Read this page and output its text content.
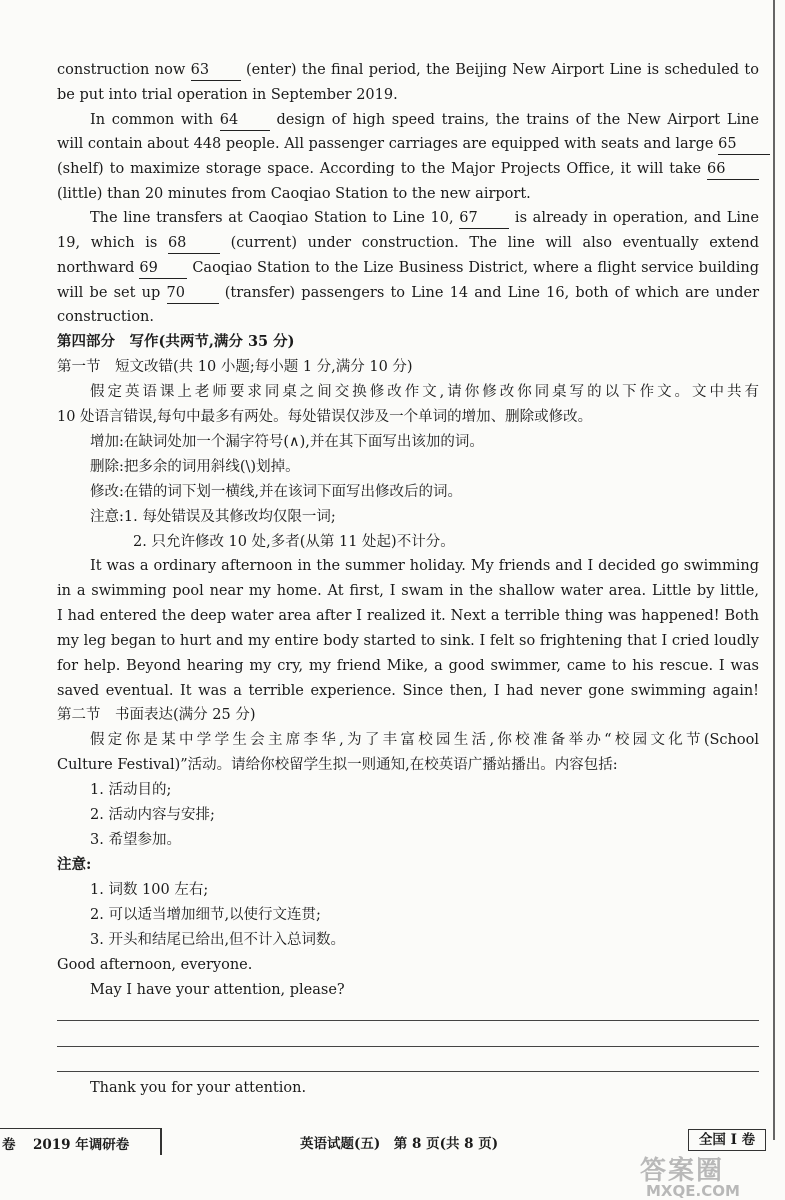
construction now 63 (enter) the final period, the Beijing New Airport Line is scheduled to
be put into trial operation in September 2019.
In common with 64 design of high speed trains, the trains of the New Airport Line
will contain about 448 people. All passenger carriages are equipped with seats and large 65
(shelf) to maximize storage space. According to the Major Projects Office, it will take 66
(little) than 20 minutes from Caoqiao Station to the new airport.
The line transfers at Caoqiao Station to Line 10, 67 is already in operation, and Line
19, which is 68 (current) under construction. The line will also eventually extend
northward 69 Caoqiao Station to the Lize Business District, where a flight service building
will be set up 70 (transfer) passengers to Line 14 and Line 16, both of which are under
construction.
第四部分　写作(共两节,满分 35 分)
第一节　短文改错(共 10 小题;每小题 1 分,满分 10 分)
假定英语课上老师要求同桌之间交换修改作文,请你修改你同桌写的以下作文。文中共有
10 处语言错误,每句中最多有两处。每处错误仅涉及一个单词的增加、删除或修改。
增加:在缺词处加一个漏字符号(∧),并在其下面写出该加的词。
删除:把多余的词用斜线(\)划掉。
修改:在错的词下划一横线,并在该词下面写出修改后的词。
注意:1. 每处错误及其修改均仅限一词;
2. 只允许修改 10 处,多者(从第 11 处起)不计分。
It was a ordinary afternoon in the summer holiday. My friends and I decided go swimming
in a swimming pool near my home. At first, I swam in the shallow water area. Little by little,
I had entered the deep water area after I realized it. Next a terrible thing was happened! Both
my leg began to hurt and my entire body started to sink. I felt so frightening that I cried loudly
for help. Beyond hearing my cry, my friend Mike, a good swimmer, came to his rescue. I was
saved eventual. It was a terrible experience. Since then, I had never gone swimming again!
第二节　书面表达(满分 25 分)
假定你是某中学学生会主席李华,为了丰富校园生活,你校准备举办“校园文化节(School
Culture Festival)”活动。请给你校留学生拟一则通知,在校英语广播站播出。内容包括:
1. 活动目的;
2. 活动内容与安排;
3. 希望参加。
注意:
1. 词数 100 左右;
2. 可以适当增加细节,以使行文连贯;
3. 开头和结尾已给出,但不计入总词数。
Good afternoon, everyone.
May I have your attention, please?
Thank you for your attention.
卷 2019 年调研卷	英语试题(五)　第 8 页(共 8 页)	全国 I 卷
答案圈
MXQE.COM
